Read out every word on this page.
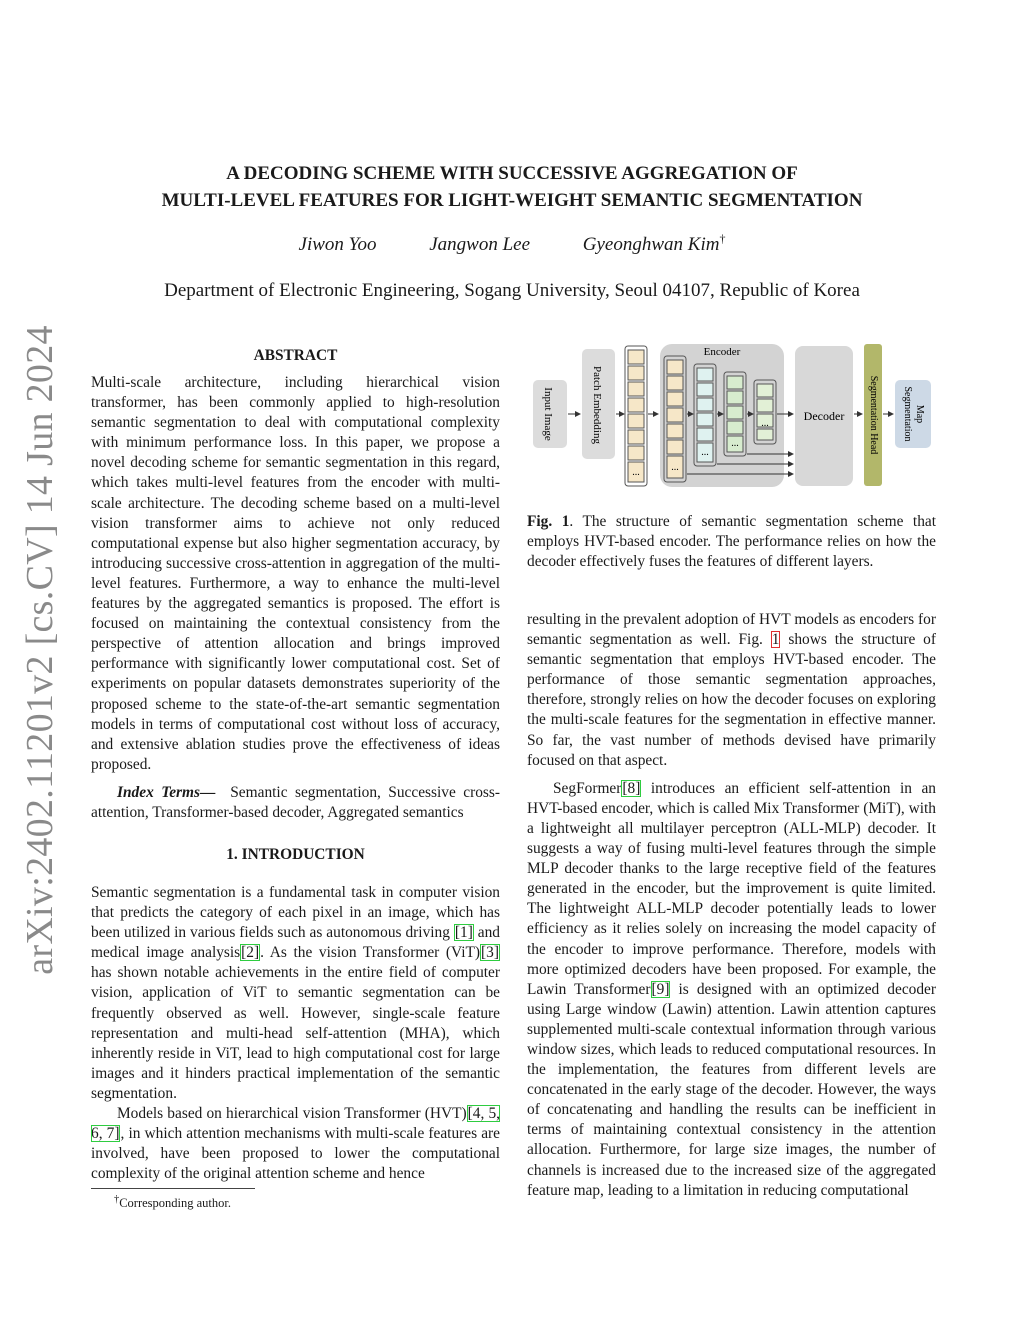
arXiv:2402.11201v2 [cs.CV] 14 Jun 2024
A DECODING SCHEME WITH SUCCESSIVE AGGREGATION OF
MULTI-LEVEL FEATURES FOR LIGHT-WEIGHT SEMANTIC SEGMENTATION
Jiwon Yoo	Jangwon Lee	Gyeonghwan Kim†
Department of Electronic Engineering, Sogang University, Seoul 04107, Republic of Korea
ABSTRACT

Multi-scale architecture, including hierarchical vision transformer, has been commonly applied to high-resolution semantic segmentation to deal with computational complexity with minimum performance loss. In this paper, we propose a novel decoding scheme for semantic segmentation in this regard, which takes multi-level features from the encoder with multi-scale architecture. The decoding scheme based on a multi-level vision transformer aims to achieve not only reduced computational expense but also higher segmentation accuracy, by introducing successive cross-attention in aggregation of the multi-level features. Furthermore, a way to enhance the multi-level features by the aggregated semantics is proposed. The effort is focused on maintaining the contextual consistency from the perspective of attention allocation and brings improved performance with significantly lower computational cost. Set of experiments on popular datasets demonstrates superiority of the proposed scheme to the state-of-the-art semantic segmentation models in terms of computational cost without loss of accuracy, and extensive ablation studies prove the effectiveness of ideas proposed.

Index Terms— Semantic segmentation, Successive cross-attention, Transformer-based decoder, Aggregated semantics

1. INTRODUCTION

Semantic segmentation is a fundamental task in computer vision that predicts the category of each pixel in an image, which has been utilized in various fields such as autonomous driving [1] and medical image analysis[2]. As the vision Transformer (ViT)[3] has shown notable achievements in the entire field of computer vision, application of ViT to semantic segmentation can be frequently observed as well. However, single-scale feature representation and multi-head self-attention (MHA), which inherently reside in ViT, lead to high computational cost for large images and it hinders practical implementation of the semantic segmentation.

Models based on hierarchical vision Transformer (HVT)[4, 5, 6, 7], in which attention mechanisms with multi-scale features are involved, have been proposed to lower the computational complexity of the original attention scheme and hence

†Corresponding author.
Input Image	Patch Embedding
...
Encoder
...
...
...
...
Decoder Segmentation Head Segmentation Map

Fig. 1. The structure of semantic segmentation scheme that employs HVT-based encoder. The performance relies on how the decoder effectively fuses the features of different layers.

resulting in the prevalent adoption of HVT models as encoders for semantic segmentation as well. Fig. 1 shows the structure of semantic segmentation that employs HVT-based encoder. The performance of those semantic segmentation approaches, therefore, strongly relies on how the decoder focuses on exploring the multi-scale features for the segmentation in effective manner. So far, the vast number of methods devised have primarily focused on that aspect.

SegFormer[8] introduces an efficient self-attention in an HVT-based encoder, which is called Mix Transformer (MiT), with a lightweight all multilayer perceptron (ALL-MLP) decoder. It suggests a way of fusing multi-level features through the simple MLP decoder thanks to the large receptive field of the features generated in the encoder, but the improvement is quite limited. The lightweight ALL-MLP decoder potentially leads to lower efficiency as it relies solely on increasing the model capacity of the encoder to improve performance. Therefore, models with more optimized decoders have been proposed. For example, the Lawin Transformer[9] is designed with an optimized decoder using Large window (Lawin) attention. Lawin attention captures supplemented multi-scale contextual information through various window sizes, which leads to reduced computational resources. In the implementation, the features from different levels are concatenated in the early stage of the decoder. However, the ways of concatenating and handling the results can be inefficient in terms of maintaining contextual consistency in the attention allocation. Furthermore, for large size images, the number of channels is increased due to the increased size of the aggregated feature map, leading to a limitation in reducing computational
